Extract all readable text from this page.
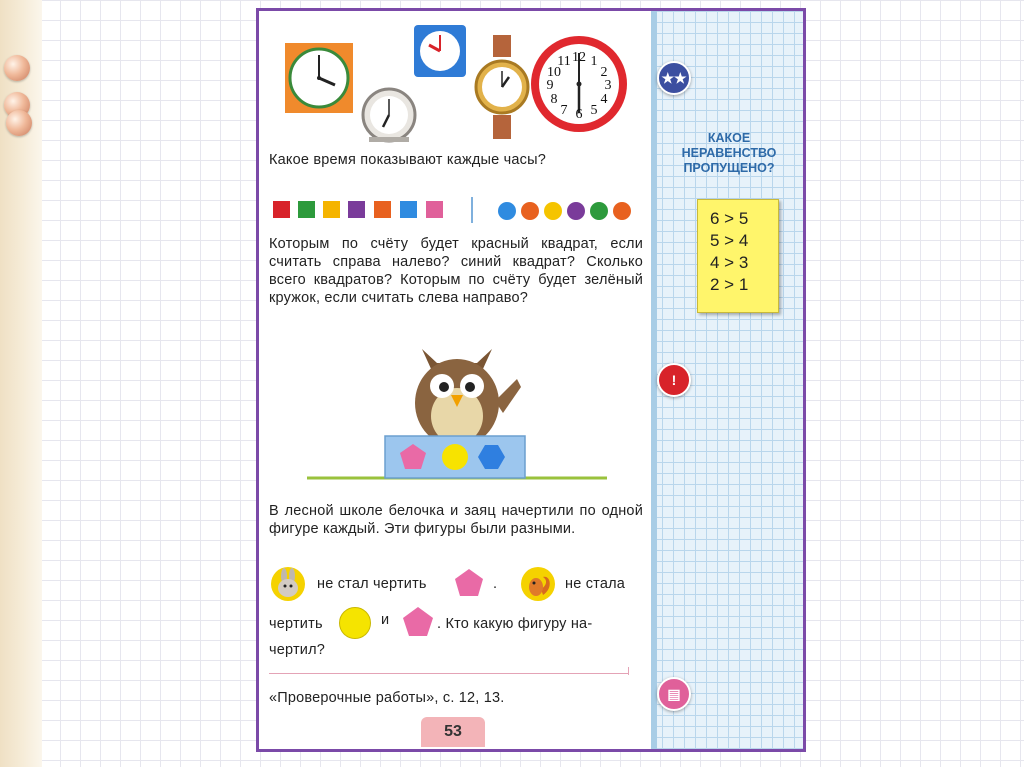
12 1
2
3
4
5
6
7
8
9
10
11
Какое время показывают каждые часы?
Которым по счёту будет красный квадрат, если считать справа налево? синий квадрат? Сколько всего квадратов? Которым по счёту будет зелёный кружок, если считать слева направо?
В лесной школе белочка и заяц начертили по одной фигуре каждый. Эти фигуры были разными.
не стал чертить	.	не стала
чертить	и	. Кто какую фигуру на-
чертил?
«Проверочные работы», с. 12, 13.
53
★★
!
▤
КАКОЕ
НЕРАВЕНСТВО
ПРОПУЩЕНО?
6 > 5
5 > 4
4 > 3
2 > 1
